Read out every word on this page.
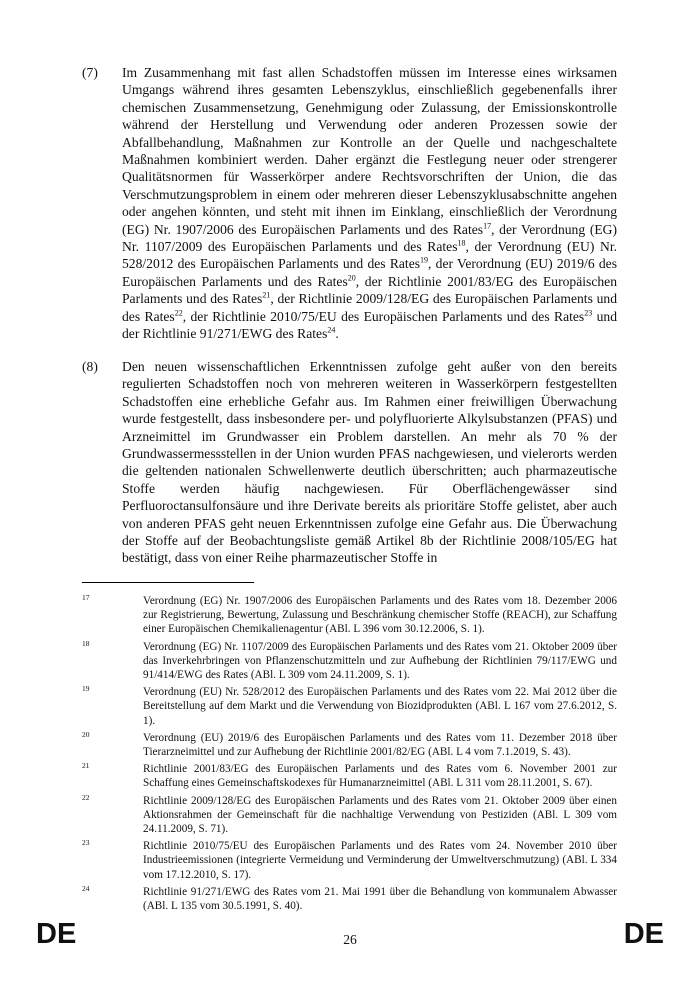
(7) Im Zusammenhang mit fast allen Schadstoffen müssen im Interesse eines wirksamen Umgangs während ihres gesamten Lebenszyklus, einschließlich gegebenenfalls ihrer chemischen Zusammensetzung, Genehmigung oder Zulassung, der Emissionskontrolle während der Herstellung und Verwendung oder anderen Prozessen sowie der Abfallbehandlung, Maßnahmen zur Kontrolle an der Quelle und nachgeschaltete Maßnahmen kombiniert werden. Daher ergänzt die Festlegung neuer oder strengerer Qualitätsnormen für Wasserkörper andere Rechtsvorschriften der Union, die das Verschmutzungsproblem in einem oder mehreren dieser Lebenszyklusabschnitte angehen oder angehen könnten, und steht mit ihnen im Einklang, einschließlich der Verordnung (EG) Nr. 1907/2006 des Europäischen Parlaments und des Rates$^{17}$, der Verordnung (EG) Nr. 1107/2009 des Europäischen Parlaments und des Rates$^{18}$, der Verordnung (EU) Nr. 528/2012 des Europäischen Parlaments und des Rates$^{19}$, der Verordnung (EU) 2019/6 des Europäischen Parlaments und des Rates$^{20}$, der Richtlinie 2001/83/EG des Europäischen Parlaments und des Rates$^{21}$, der Richtlinie 2009/128/EG des Europäischen Parlaments und des Rates$^{22}$, der Richtlinie 2010/75/EU des Europäischen Parlaments und des Rates$^{23}$ und der Richtlinie 91/271/EWG des Rates$^{24}$.
(8) Den neuen wissenschaftlichen Erkenntnissen zufolge geht außer von den bereits regulierten Schadstoffen noch von mehreren weiteren in Wasserkörpern festgestellten Schadstoffen eine erhebliche Gefahr aus. Im Rahmen einer freiwilligen Überwachung wurde festgestellt, dass insbesondere per- und polyfluorierte Alkylsubstanzen (PFAS) und Arzneimittel im Grundwasser ein Problem darstellen. An mehr als 70 % der Grundwassermessstellen in der Union wurden PFAS nachgewiesen, und vielerorts werden die geltenden nationalen Schwellenwerte deutlich überschritten; auch pharmazeutische Stoffe werden häufig nachgewiesen. Für Oberflächengewässer sind Perfluoroctansulfonsäure und ihre Derivate bereits als prioritäre Stoffe gelistet, aber auch von anderen PFAS geht neuen Erkenntnissen zufolge eine Gefahr aus. Die Überwachung der Stoffe auf der Beobachtungsliste gemäß Artikel 8b der Richtlinie 2008/105/EG hat bestätigt, dass von einer Reihe pharmazeutischer Stoffe in
17	Verordnung (EG) Nr. 1907/2006 des Europäischen Parlaments und des Rates vom 18. Dezember 2006 zur Registrierung, Bewertung, Zulassung und Beschränkung chemischer Stoffe (REACH), zur Schaffung einer Europäischen Chemikalienagentur (ABl. L 396 vom 30.12.2006, S. 1).
18	Verordnung (EG) Nr. 1107/2009 des Europäischen Parlaments und des Rates vom 21. Oktober 2009 über das Inverkehrbringen von Pflanzenschutzmitteln und zur Aufhebung der Richtlinien 79/117/EWG und 91/414/EWG des Rates (ABl. L 309 vom 24.11.2009, S. 1).
19	Verordnung (EU) Nr. 528/2012 des Europäischen Parlaments und des Rates vom 22. Mai 2012 über die Bereitstellung auf dem Markt und die Verwendung von Biozidprodukten (ABl. L 167 vom 27.6.2012, S. 1).
20	Verordnung (EU) 2019/6 des Europäischen Parlaments und des Rates vom 11. Dezember 2018 über Tierarzneimittel und zur Aufhebung der Richtlinie 2001/82/EG (ABl. L 4 vom 7.1.2019, S. 43).
21	Richtlinie 2001/83/EG des Europäischen Parlaments und des Rates vom 6. November 2001 zur Schaffung eines Gemeinschaftskodexes für Humanarzneimittel (ABl. L 311 vom 28.11.2001, S. 67).
22	Richtlinie 2009/128/EG des Europäischen Parlaments und des Rates vom 21. Oktober 2009 über einen Aktionsrahmen der Gemeinschaft für die nachhaltige Verwendung von Pestiziden (ABl. L 309 vom 24.11.2009, S. 71).
23	Richtlinie 2010/75/EU des Europäischen Parlaments und des Rates vom 24. November 2010 über Industrieemissionen (integrierte Vermeidung und Verminderung der Umweltverschmutzung) (ABl. L 334 vom 17.12.2010, S. 17).
24	Richtlinie 91/271/EWG des Rates vom 21. Mai 1991 über die Behandlung von kommunalem Abwasser (ABl. L 135 vom 30.5.1991, S. 40).
DE	26	DE
